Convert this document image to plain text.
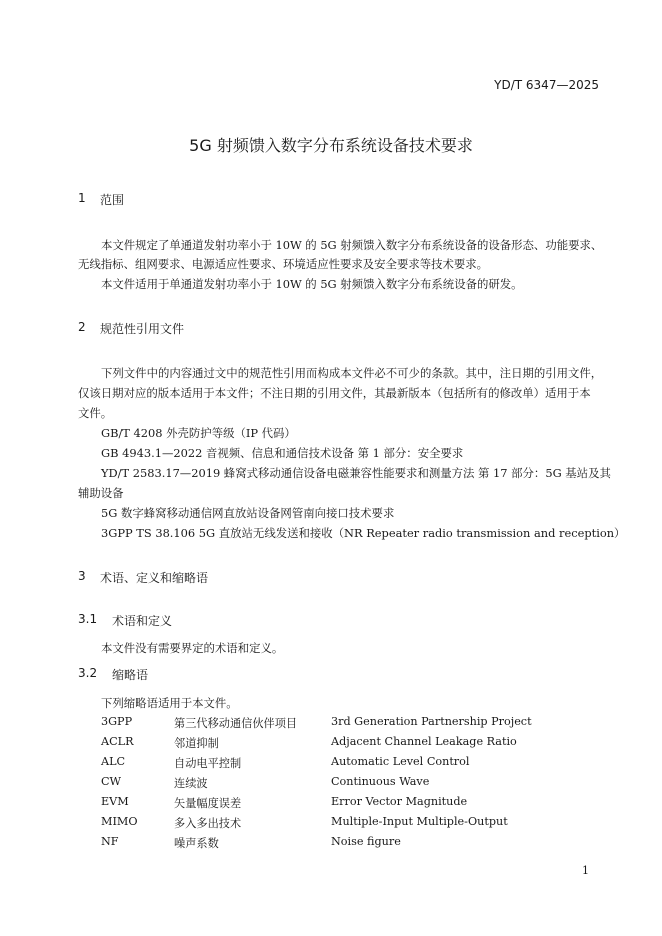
YD/T 6347—2025
5G 射频馈入数字分布系统设备技术要求
1 范围
本文件规定了单通道发射功率小于 10W 的 5G 射频馈入数字分布系统设备的设备形态、功能要求、
无线指标、组网要求、电源适应性要求、环境适应性要求及安全要求等技术要求。
本文件适用于单通道发射功率小于 10W 的 5G 射频馈入数字分布系统设备的研发。
2 规范性引用文件
下列文件中的内容通过文中的规范性引用而构成本文件必不可少的条款。其中，注日期的引用文件，
仅该日期对应的版本适用于本文件；不注日期的引用文件，其最新版本（包括所有的修改单）适用于本
文件。
GB/T 4208 外壳防护等级（IP 代码）
GB 4943.1—2022 音视频、信息和通信技术设备 第 1 部分：安全要求
YD/T 2583.17—2019 蜂窝式移动通信设备电磁兼容性能要求和测量方法 第 17 部分：5G 基站及其
辅助设备
5G 数字蜂窝移动通信网直放站设备网管南向接口技术要求
3GPP TS 38.106 5G 直放站无线发送和接收（NR Repeater radio transmission and reception）
3 术语、定义和缩略语
3.1 术语和定义
本文件没有需要界定的术语和定义。
3.2 缩略语
下列缩略语适用于本文件。
3GPP	第三代移动通信伙伴项目	3rd Generation Partnership Project
ACLR	邻道抑制	Adjacent Channel Leakage Ratio
ALC	自动电平控制	Automatic Level Control
CW	连续波	Continuous Wave
EVM	矢量幅度误差	Error Vector Magnitude
MIMO	多入多出技术	Multiple-Input Multiple-Output
NF	噪声系数	Noise figure
1
